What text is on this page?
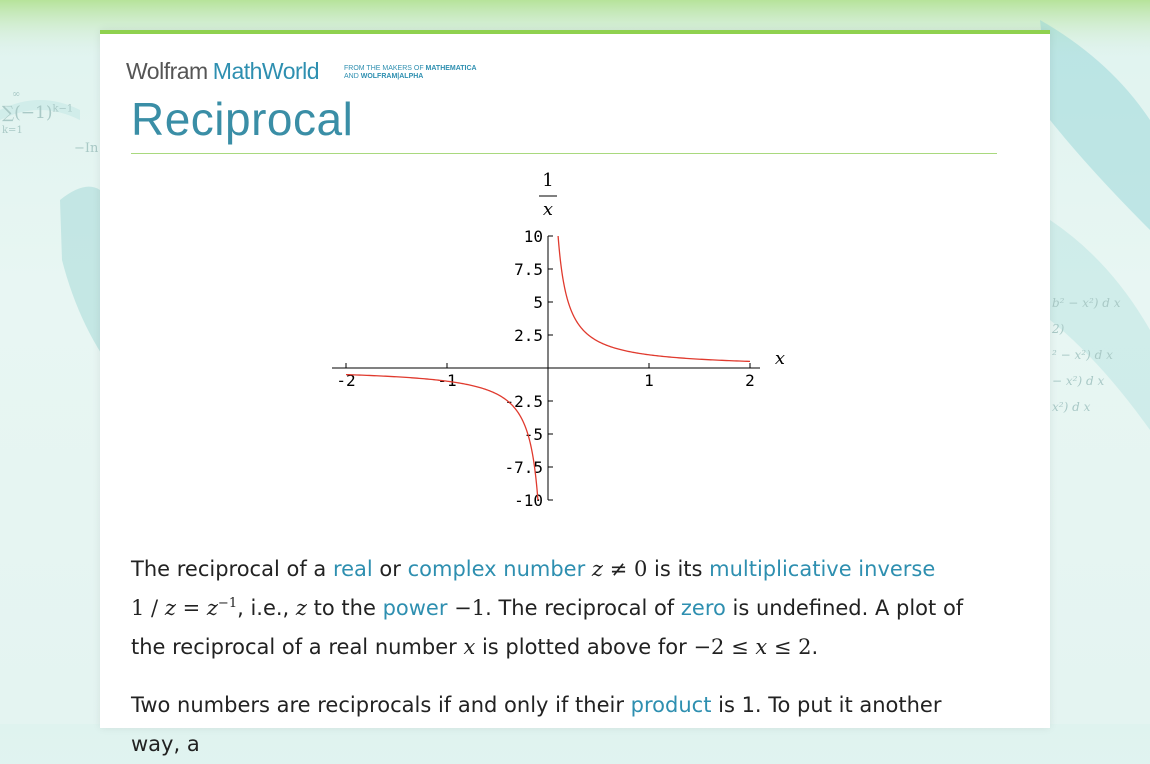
∞
$\sum(-1)^{k-1}$
k=1
−In
b² − x²) d x
2)
² − x²) d x
− x²) d x
x²) d x
Wolfram MathWorld	FROM THE MAKERS OF MATHEMATICA
AND WOLFRAM|ALPHA
Reciprocal
-2	-1	1	2
10
7.5
5
2.5
-2.5
-5
-7.5
-10
1
x
x

The reciprocal of a real or complex number z ≠ 0 is its multiplicative inverse
$1 / z = z^{-1}$, i.e., z to the power −1. The reciprocal of zero is undefined. A plot of the reciprocal of a real number x is plotted above for −2 ≤ x ≤ 2.

Two numbers are reciprocals if and only if their product is 1. To put it another way, a
